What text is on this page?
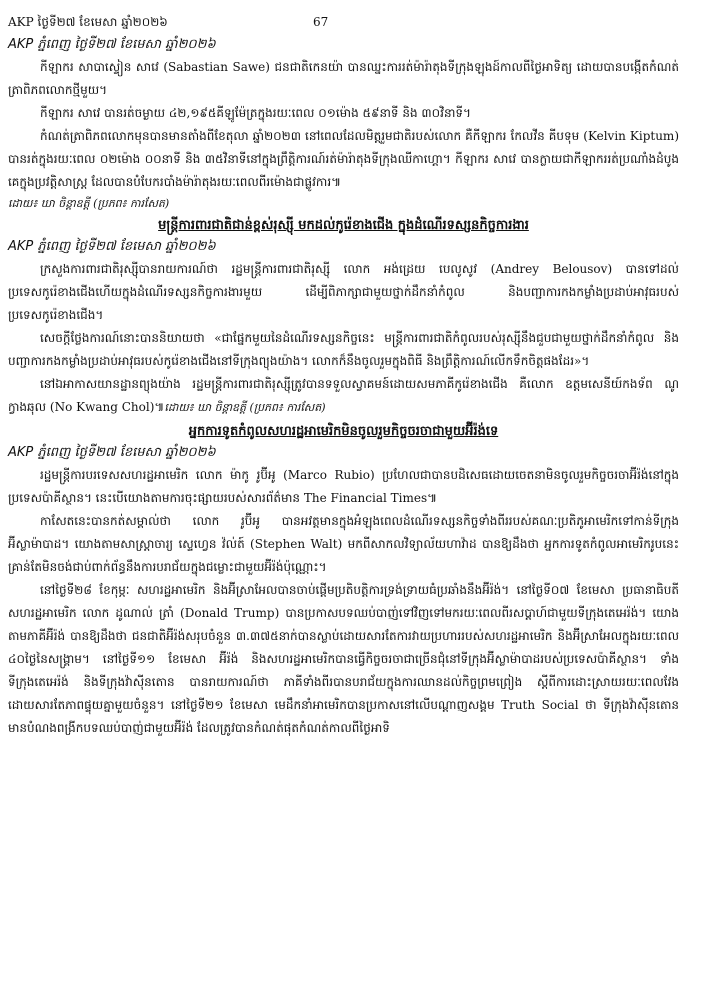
AKP ថ្ងៃទី២៧ ខែមេសា ឆ្នាំ២០២៦	67
AKP ភ្នំពេញ ថ្ងៃទី២៧ ខែមេសា ឆ្នាំ២០២៦

កីឡាករ សាបាស្ទៀន សាវេ (Sabastian Sawe) ជនជាតិកេនយ៉ា បានឈ្នះការរត់ម៉ារ៉ាតុងទីក្រុងឡុងដ៍កាលពីថ្ងៃអាទិត្យ ដោយបានបង្កើតកំណត់ត្រាពិភពលោកថ្មីមួយ។

កីឡាករ សាវេ បានរត់ចម្ងាយ ៤២,១៩៥គីឡូម៉ែត្រក្នុងរយៈពេល ០១ម៉ោង ៥៩នាទី និង ៣០វិនាទី។

កំណត់ត្រាពិភពលោកមុនបានមានតាំងពីខែតុលា ឆ្នាំ២០២៣ នៅពេលដែលមិត្តរួមជាតិរបស់លោក គឺកីឡាករ កែលវីន គីបទុម (Kelvin Kiptum) បានរត់ក្នុងរយៈពេល ០២ម៉ោង ០០នាទី និង ៣៥វិនាទីនៅក្នុងព្រឹត្តិការណ៍រត់ម៉ារ៉ាតុងទីក្រុងឈីកាហ្គោ។ កីឡាករ សាវេ បានក្លាយជាកីឡាកររត់ប្រណាំងដំបូងគេក្នុងប្រវត្តិសាស្ត្រ ដែលបានបំបែករបាំងម៉ារ៉ាតុងរយៈពេលពីរម៉ោងជាផ្លូវការ៕

ដោយ៖ ឃា ចិន្តាឧត្តី (ប្រភព៖ ការសែត)
មន្ត្រីការពារជាតិជាន់ខ្ពស់រុស្ស៊ី មកដល់កូរ៉េខាងជើង ក្នុងដំណើរទស្សនកិច្ចការងារ
AKP ភ្នំពេញ ថ្ងៃទី២៧ ខែមេសា ឆ្នាំ២០២៦

ក្រសួងការពារជាតិរុស្ស៊ីបានរាយការណ៍ថា រដ្ឋមន្ត្រីការពារជាតិរុស្ស៊ី លោក អង់ដ្រេយ បេលូសូវ (Andrey Belousov) បានទៅដល់ប្រទេសកូរ៉េខាងជើងហើយក្នុងដំណើរទស្សនកិច្ចការងារមួយ ដើម្បីពិភាក្សាជាមួយថ្នាក់ដឹកនាំកំពូល និងបញ្ជាការកងកម្លាំងប្រដាប់អាវុធរបស់ប្រទេសកូរ៉េខាងជើង។

សេចក្តីថ្លែងការណ៍នោះបាននិយាយថា «ជាផ្នែកមួយនៃដំណើរទស្សនកិច្ចនេះ មន្ត្រីការពារជាតិកំពូលរបស់រុស្ស៊ីនឹងជួបជាមួយថ្នាក់ដឹកនាំកំពូល និងបញ្ជាការកងកម្លាំងប្រដាប់អាវុធរបស់កូរ៉េខាងជើងនៅទីក្រុងព្យុងយ៉ាង។ លោកក៏នឹងចូលរួមក្នុងពិធី និងព្រឹត្តិការណ៍លើកទឹកចិត្តផងដែរ»។

នៅឯអាកាសយានដ្ឋានព្យុងយ៉ាង រដ្ឋមន្ត្រីការពារជាតិរុស្ស៊ីត្រូវបានទទួលស្វាគមន៍ដោយសមភាគីកូរ៉េខាងជើង គឺលោក ឧត្តមសេនីយ៍កងទ័ព ណូ ក្វាងឆុល (No Kwang Chol)៕ដោយ៖ ឃា ចិន្តាឧត្តី (ប្រភព៖ ការសែត)

អ្នកការទូតកំពូលសហរដ្ឋអាមេរិកមិនចូលរួមកិច្ចចរចាជាមួយអ៊ីរ៉ង់ទេ
AKP ភ្នំពេញ ថ្ងៃទី២៧ ខែមេសា ឆ្នាំ២០២៦

រដ្ឋមន្ត្រីការបរទេសសហរដ្ឋអាមេរិក លោក ម៉ាកូ រូប៊ីអូ (Marco Rubio) ប្រហែលជាបានបដិសេធដោយចេតនាមិនចូលរួមកិច្ចចរចាអ៊ីរ៉ង់នៅក្នុងប្រទេសប៉ាគីស្ថាន។ នេះបើយោងតាមការចុះផ្សាយរបស់សារព័ត៌មាន The Financial Times៕

កាសែតនេះបានកត់សម្គាល់ថា លោក រូប៊ីអូ បានអវត្តមានក្នុងអំឡុងពេលដំណើរទស្សនកិច្ចទាំងពីររបស់គណៈប្រតិភូអាមេរិកទៅកាន់ទីក្រុងអ៊ីស្លាម៉ាបាដ។ យោងតាមសាស្ត្រាចារ្យ ស្ទេហ្វេន វ៉ល់ត៍ (Stephen Walt) មកពីសាកលវិទ្យាល័យហាវ៉ាដ បានឱ្យដឹងថា អ្នកការទូតកំពូលអាមេរិករូបនេះគ្រាន់តែមិនចង់ជាប់ពាក់ព័ន្ធនឹងការបរាជ័យក្នុងជម្លោះជាមួយអ៊ីរ៉ង់ប៉ុណ្ណោះ។

នៅថ្ងៃទី២៨ ខែកុម្ភៈ សហរដ្ឋអាមេរិក និងអ៊ីស្រាអែលបានចាប់ផ្តើមប្រតិបត្តិការទ្រង់ទ្រាយធំប្រឆាំងនឹងអ៊ីរ៉ង់។ នៅថ្ងៃទី០៧ ខែមេសា ប្រធានាធិបតីសហរដ្ឋអាមេរិក លោក ដូណាល់ ត្រាំ (Donald Trump) បានប្រកាសបទឈប់បាញ់ទៅវិញទៅមករយៈពេលពីរសប្តាហ៍ជាមួយទីក្រុងតេអេរ៉ង់។ យោងតាមភាគីអ៊ីរ៉ង់ បានឱ្យដឹងថា ជនជាតិអ៊ីរ៉ង់សរុបចំនួន ៣.៣៧៥នាក់បានស្លាប់ដោយសារតែការវាយប្រហាររបស់សហរដ្ឋអាមេរិក និងអ៊ីស្រាអែលក្នុងរយៈពេល ៤០ថ្ងៃនៃសង្គ្រាម។ នៅថ្ងៃទី១១ ខែមេសា អ៊ីរ៉ង់ និងសហរដ្ឋអាមេរិកបានធ្វើកិច្ចចរចាជាច្រើនជុំនៅទីក្រុងអ៊ីស្លាម៉ាបាដរបស់ប្រទេសប៉ាគីស្ថាន។ ទាំងទីក្រុងតេអេរ៉ង់ និងទីក្រុងវ៉ាស៊ីនតោន បានរាយការណ៍ថា ភាគីទាំងពីរបានបរាជ័យក្នុងការឈានដល់កិច្ចព្រមព្រៀង ស្តីពីការដោះស្រាយរយៈពេលវែងដោយសារតែភាពផ្ទុយគ្នាមួយចំនួន។ នៅថ្ងៃទី២១ ខែមេសា មេដឹកនាំអាមេរិកបានប្រកាសនៅលើបណ្តាញសង្គម Truth Social ថា ទីក្រុងវ៉ាស៊ីនតោនមានបំណងពង្រីកបទឈប់បាញ់ជាមួយអ៊ីរ៉ង់ ដែលត្រូវបានកំណត់ផុតកំណត់កាលពីថ្ងៃអាទិ
